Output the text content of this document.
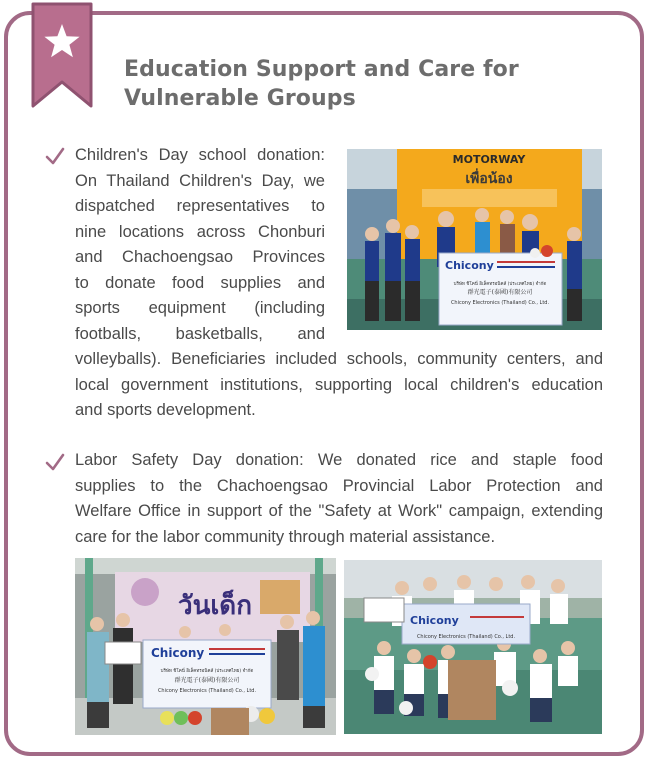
Education Support and Care for
Vulnerable Groups
Children's Day school donation:
On Thailand Children's Day, we
dispatched representatives to
nine locations across Chonburi
and Chachoengsao Provinces
to donate food supplies and
sports equipment (including
footballs, basketballs, and
volleyballs). Beneficiaries included schools, community centers, and
local government institutions, supporting local children's education
and sports development.
MOTORWAY
เพื่อน้อง
Chicony
บริษัท ชิโคนี่ อิเล็คทรอนิคส์ (ประเทศไทย) จำกัด
群光電子(泰國)有限公司
Chicony Electronics (Thailand) Co., Ltd.
Labor Safety Day donation: We donated rice and staple food
supplies to the Chachoengsao Provincial Labor Protection and
Welfare Office in support of the "Safety at Work" campaign, extending
care for the labor community through material assistance.
วันเด็ก
Chicony
บริษัท ชิโคนี่ อิเล็คทรอนิคส์ (ประเทศไทย) จำกัด
群光電子(泰國)有限公司
Chicony Electronics (Thailand) Co., Ltd.
Chicony
Chicony Electronics (Thailand) Co., Ltd.
